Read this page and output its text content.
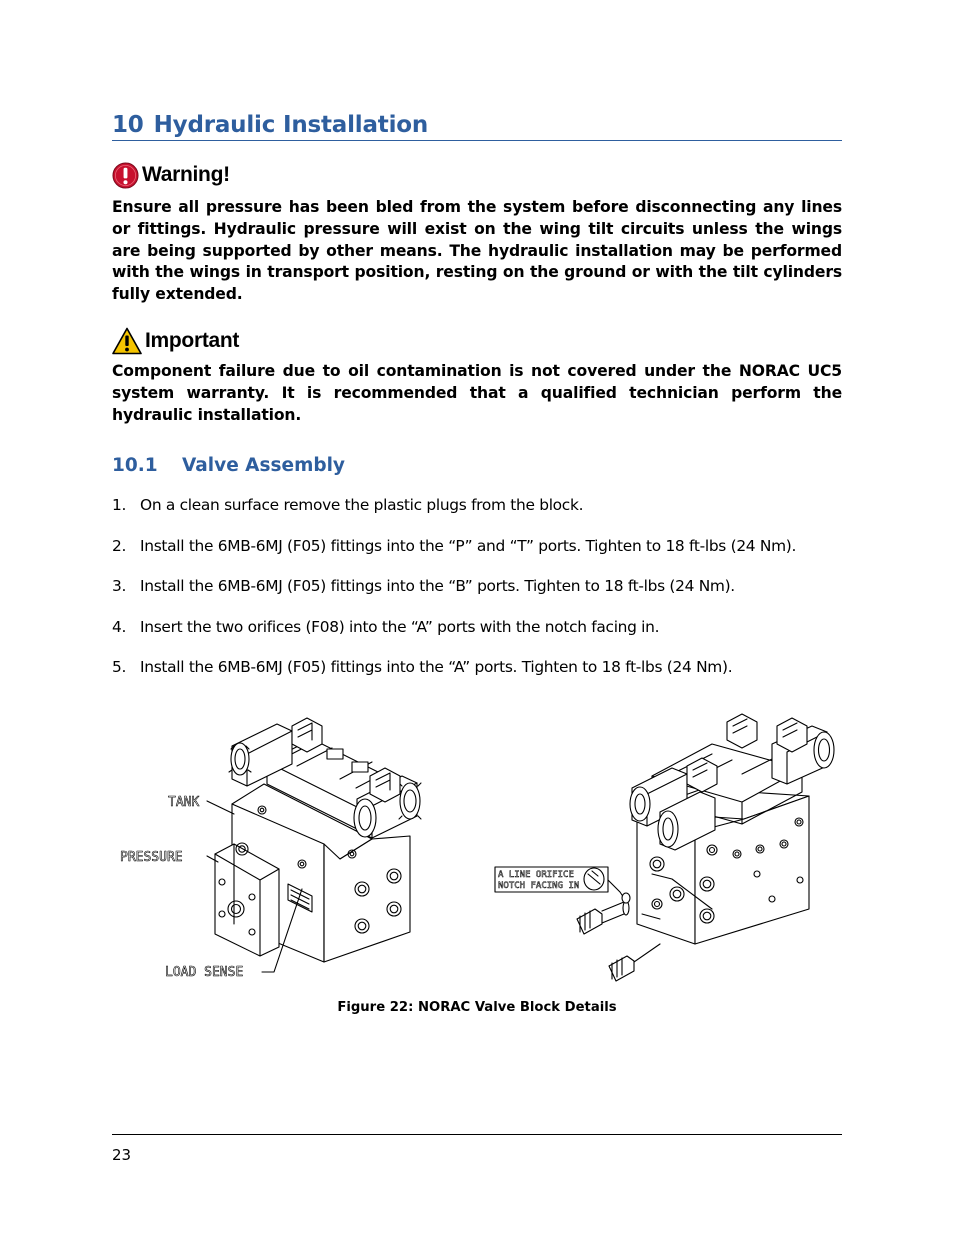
10 Hydraulic Installation
Warning!
Ensure all pressure has been bled from the system before disconnecting any lines or fittings. Hydraulic pressure will exist on the wing tilt circuits unless the wings are being supported by other means. The hydraulic installation may be performed with the wings in transport position, resting on the ground or with the tilt cylinders fully extended.
Important
Component failure due to oil contamination is not covered under the NORAC UC5 system warranty. It is recommended that a qualified technician perform the hydraulic installation.
10.1 Valve Assembly
1. On a clean surface remove the plastic plugs from the block.
2. Install the 6MB-6MJ (F05) fittings into the “P” and “T” ports. Tighten to 18 ft-lbs (24 Nm).
3. Install the 6MB-6MJ (F05) fittings into the “B” ports. Tighten to 18 ft-lbs (24 Nm).
4. Insert the two orifices (F08) into the “A” ports with the notch facing in.
5. Install the 6MB-6MJ (F05) fittings into the “A” ports. Tighten to 18 ft-lbs (24 Nm).
TANK
PRESSURE
LOAD SENSE
A LINE ORIFICE
NOTCH FACING IN
Figure 22: NORAC Valve Block Details
23
